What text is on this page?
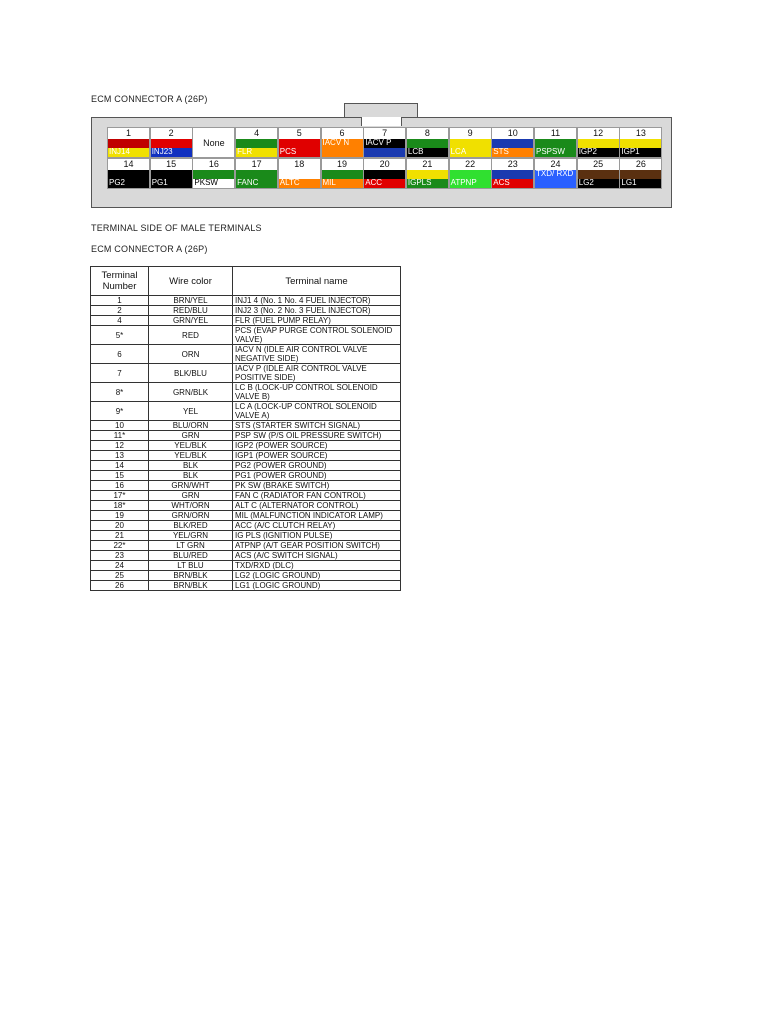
ECM CONNECTOR A (26P)
1
INJ14
2
INJ23
None
4
FLR
5
PCS
6
IACV N
7
IACV P
8
LCB
9
LCA
10
STS
11
PSPSW
12
IGP2
13
IGP1
14
PG2
15
PG1
16
PKSW
17
FANC
18
ALTC
19
MIL
20
ACC
21
IGPLS
22
ATPNP
23
ACS
24
TXD/ RXD
25
LG2
26
LG1
TERMINAL SIDE OF MALE TERMINALS
ECM CONNECTOR A (26P)
Terminal Number	Wire color	Terminal name
1	BRN/YEL	INJ1 4 (No. 1 No. 4 FUEL INJECTOR)
2	RED/BLU	INJ2 3 (No. 2 No. 3 FUEL INJECTOR)
4	GRN/YEL	FLR (FUEL PUMP RELAY)
5*	RED	PCS (EVAP PURGE CONTROL SOLENOID VALVE)
6	ORN	IACV N (IDLE AIR CONTROL VALVE NEGATIVE SIDE)
7	BLK/BLU	IACV P (IDLE AIR CONTROL VALVE POSITIVE SIDE)
8*	GRN/BLK	LC B (LOCK-UP CONTROL SOLENOID VALVE B)
9*	YEL	LC A (LOCK-UP CONTROL SOLENOID VALVE A)
10	BLU/ORN	STS (STARTER SWITCH SIGNAL)
11*	GRN	PSP SW (P/S OIL PRESSURE SWITCH)
12	YEL/BLK	IGP2 (POWER SOURCE)
13	YEL/BLK	IGP1 (POWER SOURCE)
14	BLK	PG2 (POWER GROUND)
15	BLK	PG1 (POWER GROUND)
16	GRN/WHT	PK SW (BRAKE SWITCH)
17*	GRN	FAN C (RADIATOR FAN CONTROL)
18*	WHT/ORN	ALT C (ALTERNATOR CONTROL)
19	GRN/ORN	MIL (MALFUNCTION INDICATOR LAMP)
20	BLK/RED	ACC (A/C CLUTCH RELAY)
21	YEL/GRN	IG PLS (IGNITION PULSE)
22*	LT GRN	ATPNP (A/T GEAR POSITION SWITCH)
23	BLU/RED	ACS (A/C SWITCH SIGNAL)
24	LT BLU	TXD/RXD (DLC)
25	BRN/BLK	LG2 (LOGIC GROUND)
26	BRN/BLK	LG1 (LOGIC GROUND)
